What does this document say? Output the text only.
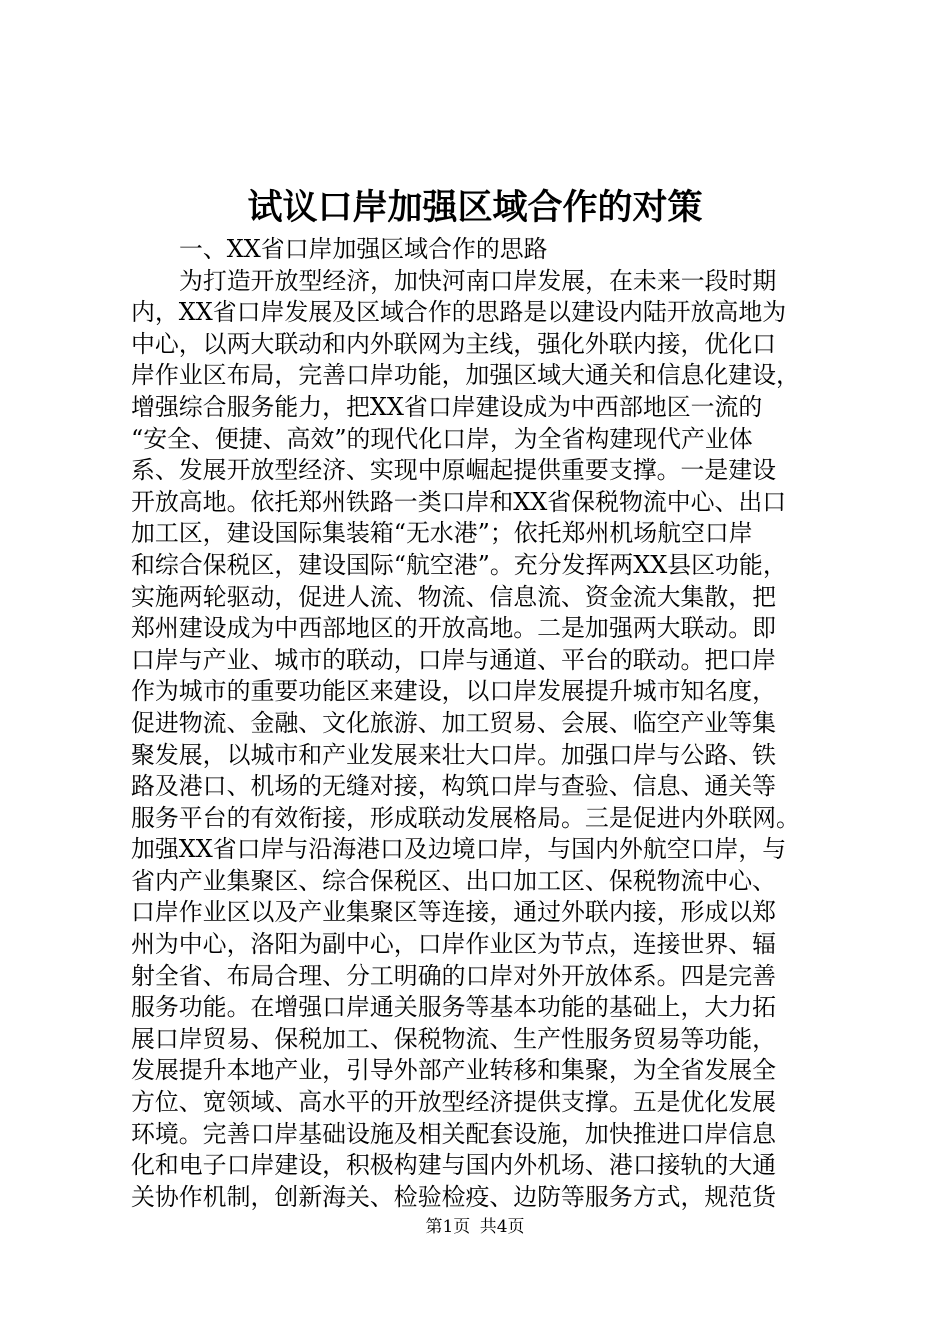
试议口岸加强区域合作的对策
一、XX省口岸加强区域合作的思路
为打造开放型经济，加快河南口岸发展，在未来一段时期
内，XX省口岸发展及区域合作的思路是以建设内陆开放高地为
中心，以两大联动和内外联网为主线，强化外联内接，优化口
岸作业区布局，完善口岸功能，加强区域大通关和信息化建设，
增强综合服务能力，把XX省口岸建设成为中西部地区一流的
“安全、便捷、高效”的现代化口岸，为全省构建现代产业体
系、发展开放型经济、实现中原崛起提供重要支撑。一是建设
开放高地。依托郑州铁路一类口岸和XX省保税物流中心、出口
加工区，建设国际集装箱“无水港”；依托郑州机场航空口岸
和综合保税区，建设国际“航空港”。充分发挥两XX县区功能，
实施两轮驱动，促进人流、物流、信息流、资金流大集散，把
郑州建设成为中西部地区的开放高地。二是加强两大联动。即
口岸与产业、城市的联动，口岸与通道、平台的联动。把口岸
作为城市的重要功能区来建设，以口岸发展提升城市知名度，
促进物流、金融、文化旅游、加工贸易、会展、临空产业等集
聚发展，以城市和产业发展来壮大口岸。加强口岸与公路、铁
路及港口、机场的无缝对接，构筑口岸与查验、信息、通关等
服务平台的有效衔接，形成联动发展格局。三是促进内外联网。
加强XX省口岸与沿海港口及边境口岸，与国内外航空口岸，与
省内产业集聚区、综合保税区、出口加工区、保税物流中心、
口岸作业区以及产业集聚区等连接，通过外联内接，形成以郑
州为中心，洛阳为副中心，口岸作业区为节点，连接世界、辐
射全省、布局合理、分工明确的口岸对外开放体系。四是完善
服务功能。在增强口岸通关服务等基本功能的基础上，大力拓
展口岸贸易、保税加工、保税物流、生产性服务贸易等功能，
发展提升本地产业，引导外部产业转移和集聚，为全省发展全
方位、宽领域、高水平的开放型经济提供支撑。五是优化发展
环境。完善口岸基础设施及相关配套设施，加快推进口岸信息
化和电子口岸建设，积极构建与国内外机场、港口接轨的大通
关协作机制，创新海关、检验检疫、边防等服务方式，规范货
第1页 共4页
